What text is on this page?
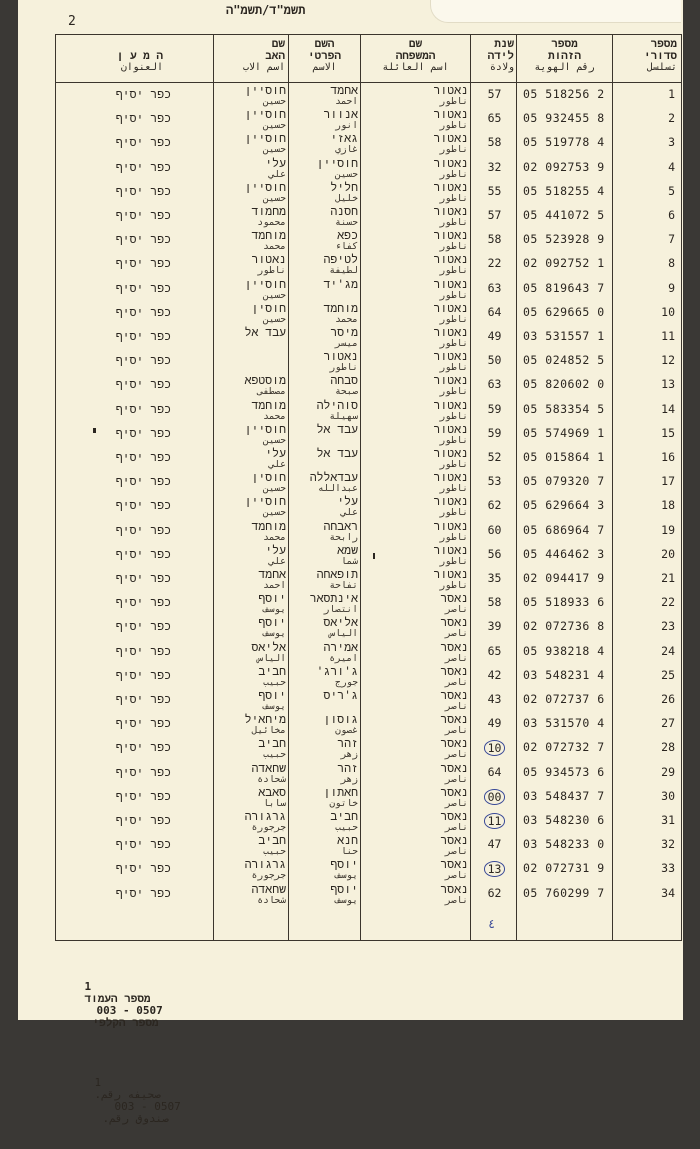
תשמ"ד/תשמ"ה
2
מספר
סדורי
تسلسل
מספר
הזהות
رقم الهوية
שנת
לידה
ولادة
שם
המשפחה
اسم العائلة
השם
הפרטי
الاسم
שם
האב
اسم الاب
ה מ ע ן
العنوان
1
05 518256 2
57
נאטור
ناطور
אחמד
احمد
חוסיין
حسين
כפר יסיף
2
05 932455 8
65
נאטור
ناطور
אנוור
انور
חוסיין
حسين
כפר יסיף
3
05 519778 4
58
נאטור
ناطور
גאזי
غازي
חוסיין
حسين
כפר יסיף
4
02 092753 9
32
נאטור
ناطور
חוסיין
حسين
עלי
علي
כפר יסיף
5
05 518255 4
55
נאטור
ناطور
חליל
خليل
חוסיין
حسين
כפר יסיף
6
05 441072 5
57
נאטור
ناطور
חסנה
حسنة
מחמוד
محمود
כפר יסיף
7
05 523928 9
58
נאטור
ناطور
כפא
كفاء
מוחמד
محمد
כפר יסיף
8
02 092752 1
22
נאטור
ناطور
לטיפה
لطيفة
נאטור
ناطور
כפר יסיף
9
05 819643 7
63
נאטור
ناطور
מג'יד
חוסיין
حسين
כפר יסיף
10
05 629665 0
64
נאטור
ناطور
מוחמד
محمد
חוסין
حسين
כפר יסיף
11
03 531557 1
49
נאטור
ناطور
מיסר
ميسر
עבד אל
כפר יסיף
12
05 024852 5
50
נאטור
ناطور
נאטור
ناطور
כפר יסיף
13
05 820602 0
63
נאטור
ناطور
סבחה
صبحة
מוסטפא
مصطفى
כפר יסיף
14
05 583354 5
59
נאטור
ناطور
סוהילה
سهيلة
מוחמד
محمد
כפר יסיף
15
05 574969 1
59
נאטור
ناطور
עבד אל
חוסיין
حسين
כפר יסיף
16
05 015864 1
52
נאטור
ناطور
עבד אל
עלי
علي
כפר יסיף
17
05 079320 7
53
נאטור
ناطور
עבדאללה
عبدالله
חוסין
حسين
כפר יסיף
18
05 629664 3
62
נאטור
ناطور
עלי
علي
חוסיין
حسين
כפר יסיף
19
05 686964 7
60
נאטור
ناطور
ראבחה
رابحة
מוחמד
محمد
כפר יסיף
20
05 446462 3
56
נאטור
ناطور
שמא
شما
עלי
علي
כפר יסיף
21
02 094417 9
35
נאטור
ناطور
תופאחה
تفاحة
אחמד
احمد
כפר יסיף
22
05 518933 6
58
נאסר
ناصر
אינתסאר
انتصار
יוסף
يوسف
כפר יסיף
23
02 072736 8
39
נאסר
ناصر
אליאס
الياس
יוסף
يوسف
כפר יסיף
24
05 938218 4
65
נאסר
ناصر
אמירה
اميرة
אליאס
الياس
כפר יסיף
25
03 548231 4
42
נאסר
ناصر
ג'ורג'
جورج
חביב
حبيب
כפר יסיף
26
02 072737 6
43
נאסר
ناصر
ג'ריס
יוסף
يوسف
כפר יסיף
27
03 531570 4
49
נאסר
ناصر
גוסון
غصون
מיחאיל
مخائيل
כפר יסיף
28
02 072732 7
10
נאסר
ناصر
זהר
زهر
חביב
حبيب
כפר יסיף
29
05 934573 6
64
נאסר
ناصر
זהר
زهر
שחאדה
شحادة
כפר יסיף
30
03 548437 7
00
נאסר
ناصر
חאתון
خاتون
סאבא
سابا
כפר יסיף
31
03 548230 6
11
נאסר
ناصر
חביב
حبيب
גרגורה
جرجورة
כפר יסיף
32
03 548233 0
47
נאסר
ناصر
חנא
حنا
חביב
حبيب
כפר יסיף
33
02 072731 9
13
נאסר
ناصر
יוסף
يوسف
גרגורה
جرجورة
כפר יסיף
34
05 760299 7
62
נאסר
ناصر
יוסף
يوسف
שחאדה
شحادة
כפר יסיף
٤

1
מספר העמוד
003 - 0507
מספר הקלפי

1
صحيفه رقم.
003 - 0507
صندوق رقم.
